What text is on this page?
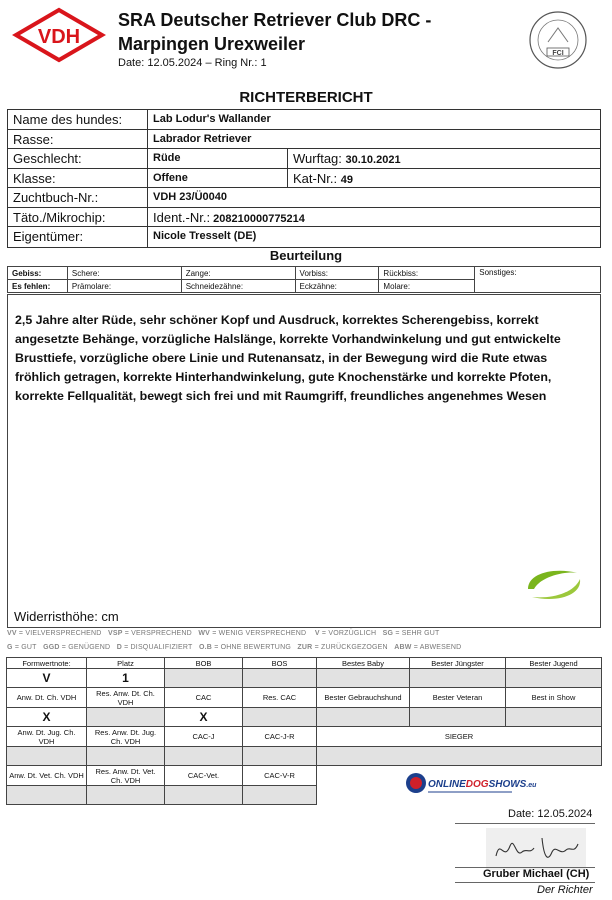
VDH
SRA Deutscher Retriever Club DRC -
Marpingen Urexweiler
Date: 12.05.2024 – Ring Nr.: 1
FCI
RICHTERBERICHT
Name des hundes:	Lab Lodur's Wallander
Rasse:	Labrador Retriever
Geschlecht:	Rüde	Wurftag: 30.10.2021
Klasse:	Offene	Kat-Nr.: 49
Zuchtbuch-Nr.:	VDH 23/Ü0040
Täto./Mikrochip:	Ident.-Nr.: 208210000775214
Eigentümer:	Nicole Tresselt (DE)
Beurteilung
Gebiss:	Schere:	Zange:	Vorbiss:	Rückbiss:	Sonstiges:
Es fehlen:	Prämolare:	Schneidezähne:	Eckzähne:	Molare:	
2,5 Jahre alter Rüde, sehr schöner Kopf und Ausdruck, korrektes Scherengebiss, korrekt angesetzte Behänge, vorzügliche Halslänge, korrekte Vorhandwinkelung und gut entwickelte Brusttiefe, vorzügliche obere Linie und Rutenansatz, in der Bewegung wird die Rute etwas fröhlich getragen, korrekte Hinterhandwinkelung, gute Knochenstärke und korrekte Pfoten, korrekte Fellqualität, bewegt sich frei und mit Raumgriff, freundliches angenehmes Wesen
DRC
Widerristhöhe: cm
VV = VIELVERSPRECHEND VSP = VERSPRECHEND WV = WENIG VERSPRECHEND V = VORZÜGLICH SG = SEHR GUT
G = GUT GGD = GENÜGEND D = DISQUALIFIZIERT O.B = OHNE BEWERTUNG ZUR = ZURÜCKGEZOGEN ABW = ABWESEND
Formwertnote:	Platz	BOB	BOS	Bestes Baby	Bester Jüngster	Bester Jugend
V	1					
Anw. Dt. Ch. VDH	Res. Anw. Dt. Ch. VDH	CAC	Res. CAC	Bester Gebrauchshund	Bester Veteran	Best in Show
X		X				
Anw. Dt. Jug. Ch. VDH	Res. Anw. Dt. Jug. Ch. VDH	CAC-J	CAC-J-R	SIEGER		

Anw. Dt. Vet. Ch. VDH	Res. Anw. Dt. Vet. Ch. VDH	CAC-Vet.	CAC-V-R			

ONLINEDOGSHOWS.eu
Date: 12.05.2024
Gruber Michael (CH)
Der Richter
